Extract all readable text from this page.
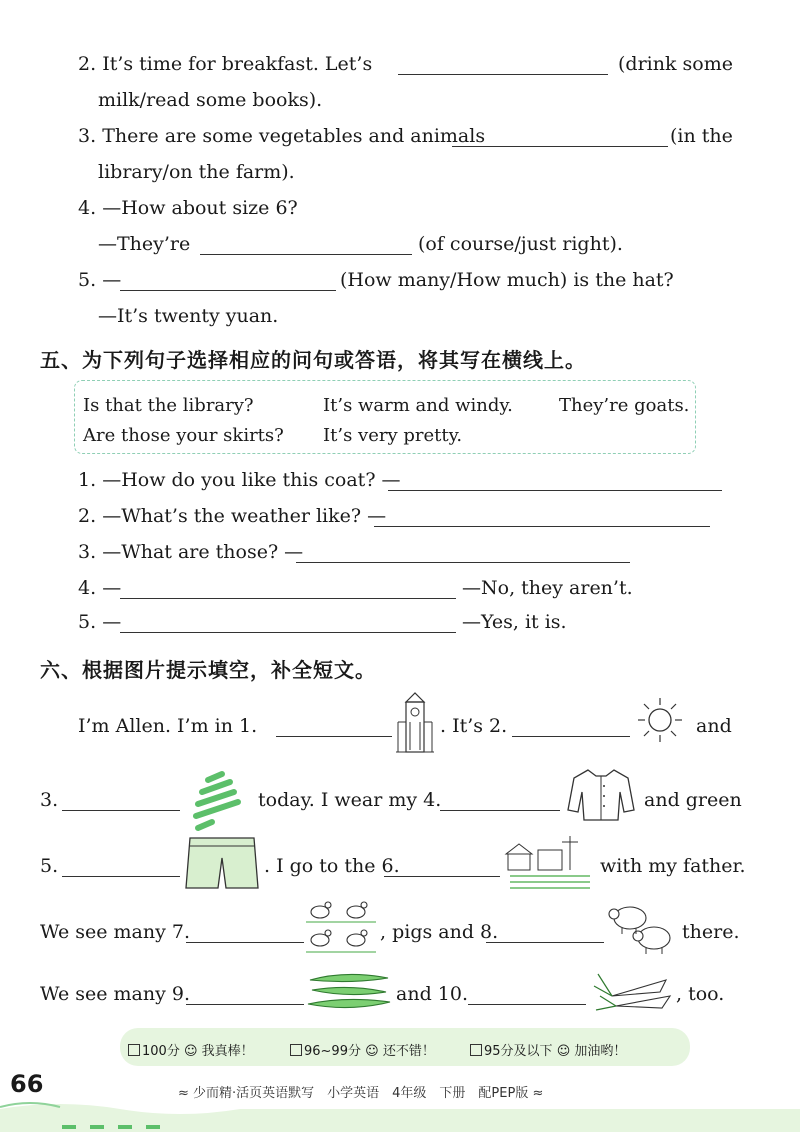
2. It’s time for breakfast. Let’s	(drink some
milk/read some books).
3. There are some vegetables and animals	(in the
library/on the farm).
4. —How about size 6?
—They’re	(of course/just right).
5. —	(How many/How much) is the hat?
—It’s twenty yuan.
五、为下列句子选择相应的问句或答语，将其写在横线上。
Is that the library?	It’s warm and windy.	They’re goats.
Are those your skirts? It’s very pretty.
1. —How do you like this coat? —
2. —What’s the weather like? —
3. —What are those? —
4. —	—No, they aren’t.
5. —	—Yes, it is.
六、根据图片提示填空，补全短文。
I’m Allen. I’m in 1.	. It’s 2.	and
3.	today. I wear my 4.	and green
5.	. I go to the 6.	with my father.
We see many 7.	, pigs and 8.	there.
We see many 9.	and 10.	, too.
100分 ☺ 我真棒！	96~99分 ☺ 还不错！	95分及以下 ☺ 加油哟！
66	≈ 少而精·活页英语默写　小学英语　4年级　下册　配PEP版 ≈
